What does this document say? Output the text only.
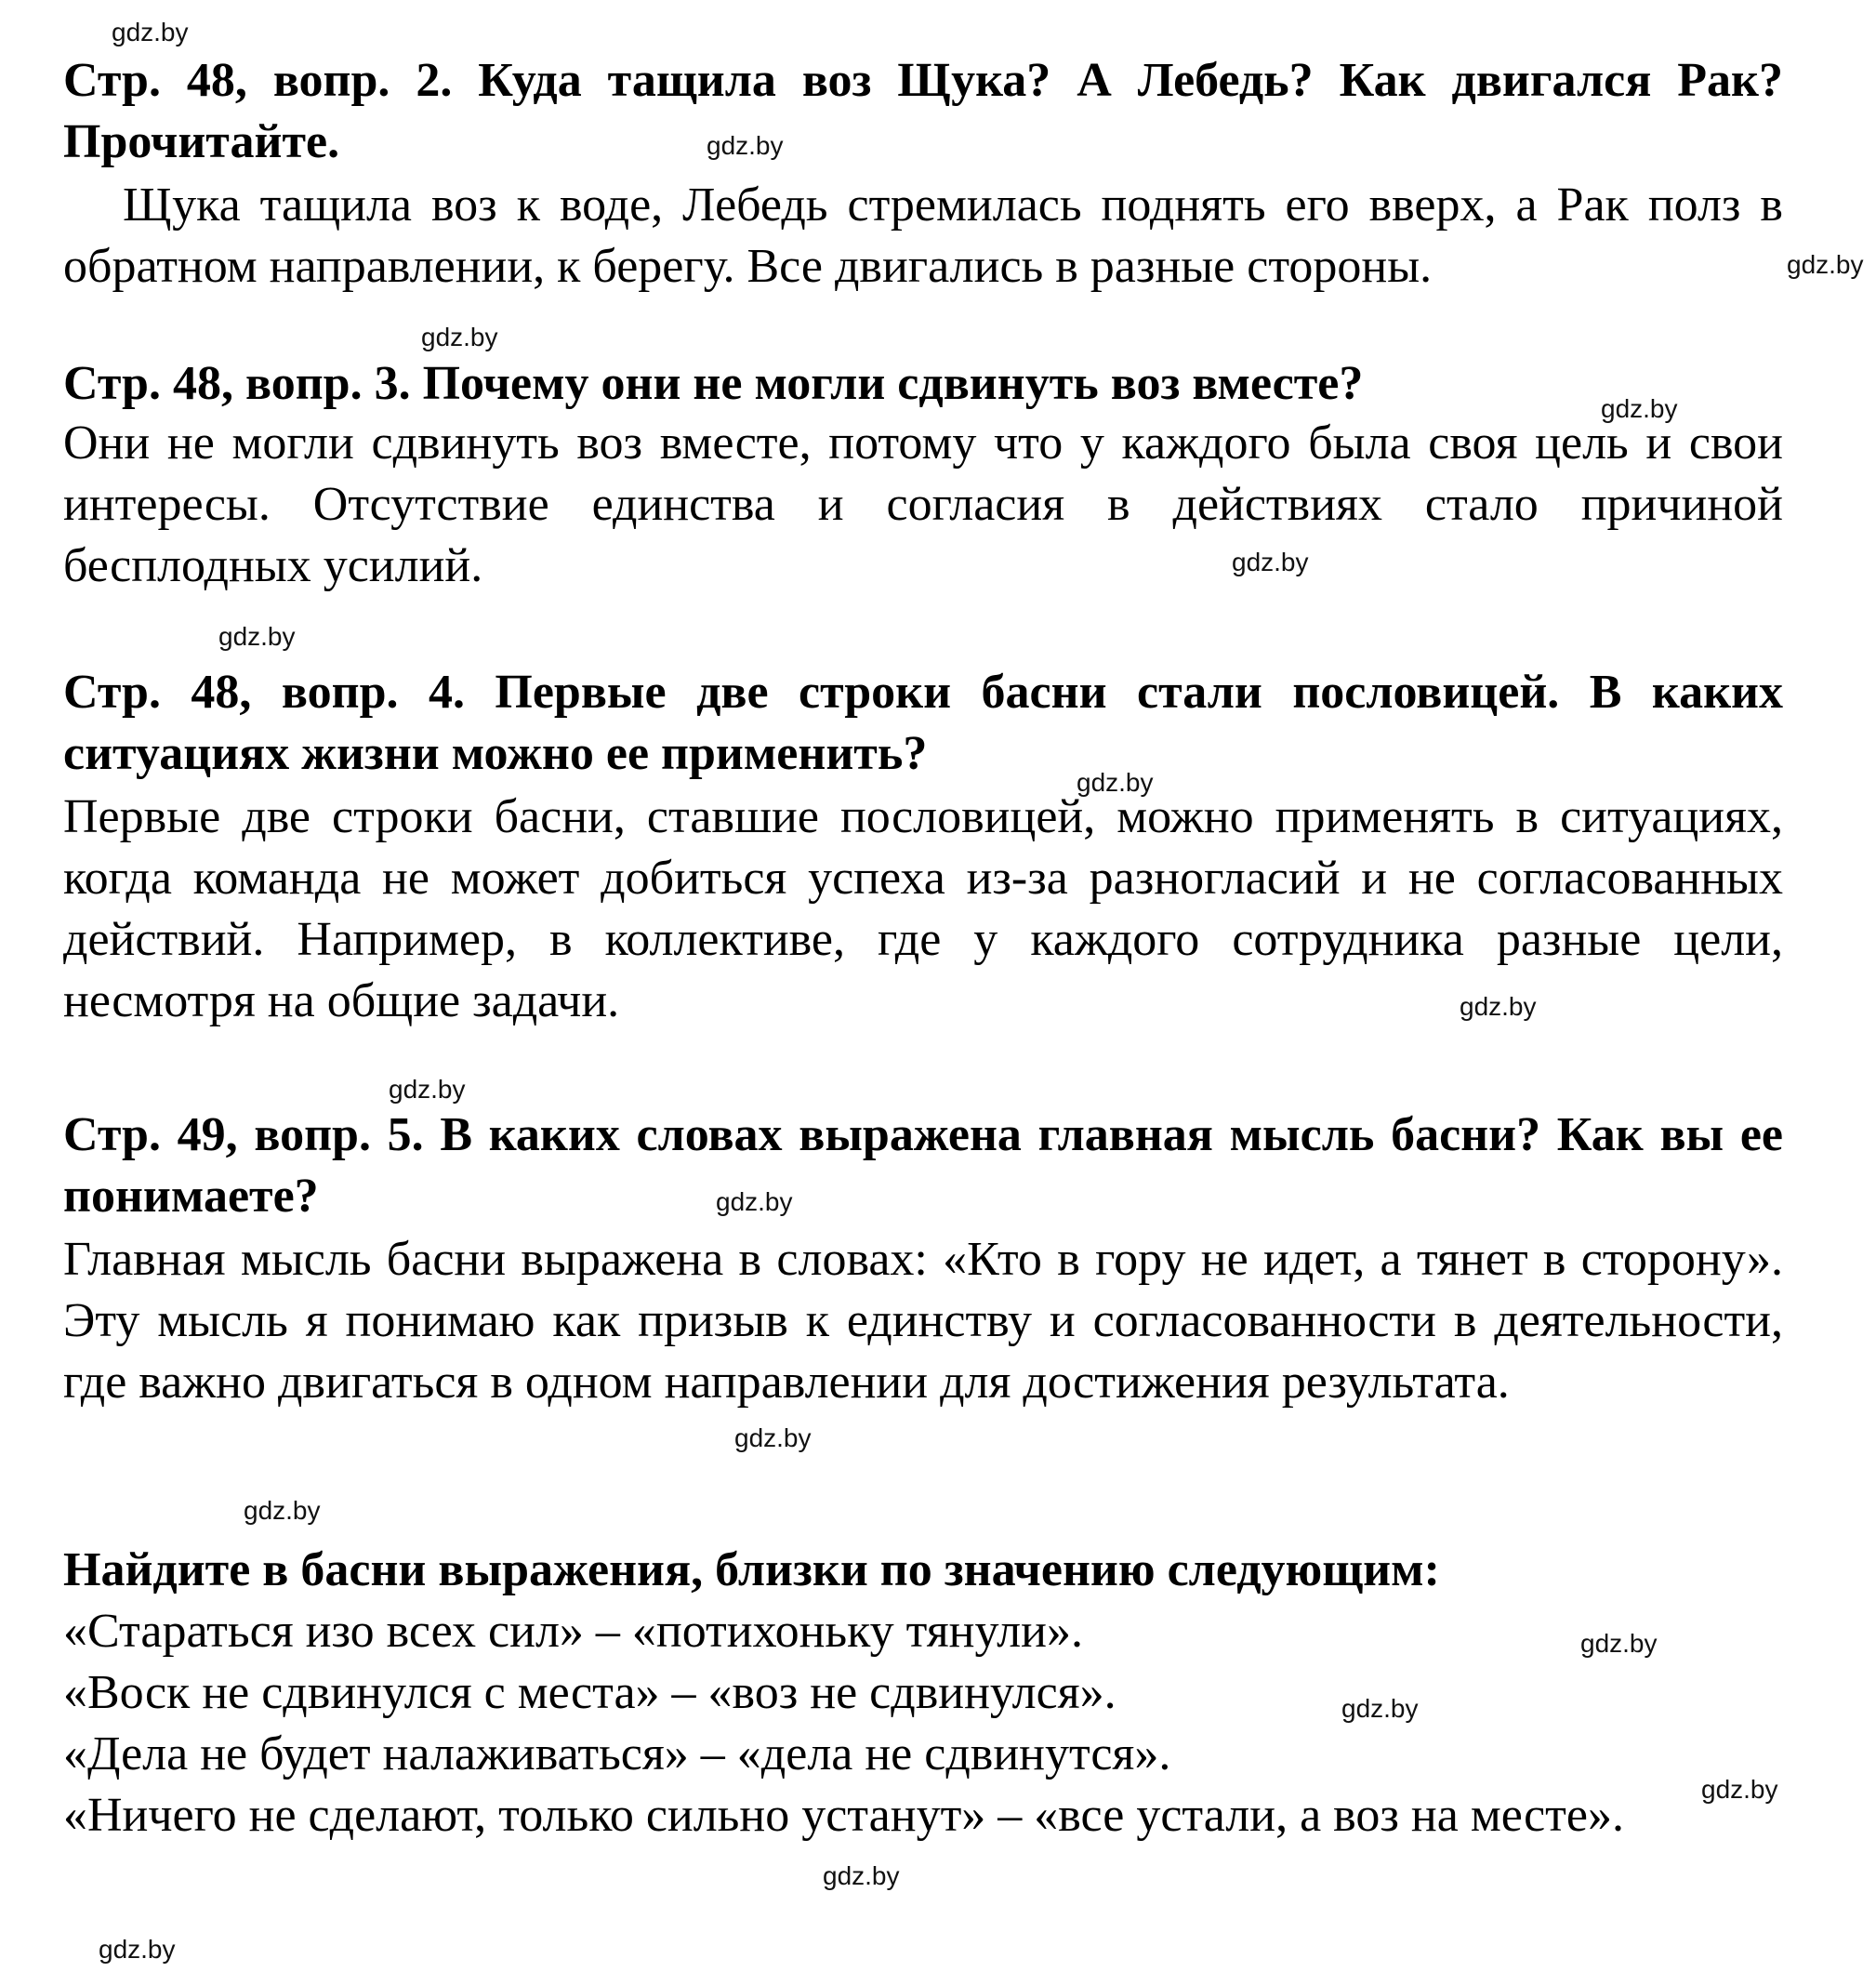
gdz.by
gdz.by
gdz.by
gdz.by
gdz.by
gdz.by
gdz.by
gdz.by
gdz.by
gdz.by
gdz.by
gdz.by
gdz.by
gdz.by
gdz.by
gdz.by
gdz.by
gdz.by

Стр. 48, вопр. 2. Куда тащила воз Щука? А Лебедь? Как двигался Рак? Прочитайте.

Щука тащила воз к воде, Лебедь стремилась поднять его вверх, а Рак полз в обратном направлении, к берегу. Все двигались в разные стороны.

Стр. 48, вопр. 3. Почему они не могли сдвинуть воз вместе?

Они не могли сдвинуть воз вместе, потому что у каждого была своя цель и свои интересы. Отсутствие единства и согласия в действиях стало причиной бесплодных усилий.

Стр. 48, вопр. 4. Первые две строки басни стали пословицей. В каких ситуациях жизни можно ее применить?

Первые две строки басни, ставшие пословицей, можно применять в ситуациях, когда команда не может добиться успеха из-за разногласий и не согласованных действий. Например, в коллективе, где у каждого сотрудника разные цели, несмотря на общие задачи.

Стр. 49, вопр. 5. В каких словах выражена главная мысль басни? Как вы ее понимаете?

Главная мысль басни выражена в словах: «Кто в гору не идет, а тянет в сторону». Эту мысль я понимаю как призыв к единству и согласованности в деятельности, где важно двигаться в одном направлении для достижения результата.

Найдите в басни выражения, близки по значению следующим:

«Стараться изо всех сил» – «потихоньку тянули».
«Воск не сдвинулся с места» – «воз не сдвинулся».
«Дела не будет налаживаться» – «дела не сдвинутся».

«Ничего не сделают, только сильно устанут» – «все устали, а воз на месте».
